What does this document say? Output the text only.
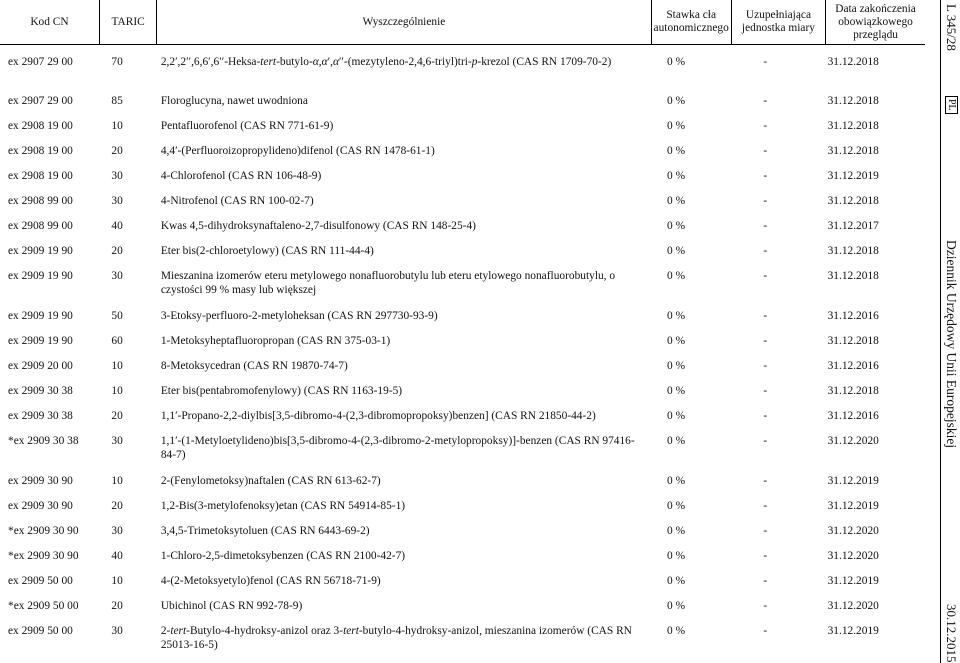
Kod CN	TARIC	Wyszczególnienie	Stawka cła autonomicznego	Uzupełniająca jednostka miary	Data zakończenia obowiązkowego przeglądu
ex 2907 29 00	70	2,2′,2′′,6,6′,6′′-Heksa-tert-butylo-α,α′,α′′-(mezytyleno-2,4,6-triyl)tri-p-krezol (CAS RN 1709-70-2)	0 %	-	31.12.2018
ex 2907 29 00	85	Floroglucyna, nawet uwodniona	0 %	-	31.12.2018
ex 2908 19 00	10	Pentafluorofenol (CAS RN 771-61-9)	0 %	-	31.12.2018
ex 2908 19 00	20	4,4′-(Perfluoroizopropylideno)difenol (CAS RN 1478-61-1)	0 %	-	31.12.2018
ex 2908 19 00	30	4-Chlorofenol (CAS RN 106-48-9)	0 %	-	31.12.2019
ex 2908 99 00	30	4-Nitrofenol (CAS RN 100-02-7)	0 %	-	31.12.2018
ex 2908 99 00	40	Kwas 4,5-dihydroksynaftaleno-2,7-disulfonowy (CAS RN 148-25-4)	0 %	-	31.12.2017
ex 2909 19 90	20	Eter bis(2-chloroetylowy) (CAS RN 111-44-4)	0 %	-	31.12.2018
ex 2909 19 90	30	Mieszanina izomerów eteru metylowego nonafluorobutylu lub eteru etylowego nonafluorobutylu, o czystości 99 % masy lub większej	0 %	-	31.12.2018
ex 2909 19 90	50	3-Etoksy-perfluoro-2-metyloheksan (CAS RN 297730-93-9)	0 %	-	31.12.2016
ex 2909 19 90	60	1-Metoksyheptafluoropropan (CAS RN 375-03-1)	0 %	-	31.12.2018
ex 2909 20 00	10	8-Metoksycedran (CAS RN 19870-74-7)	0 %	-	31.12.2016
ex 2909 30 38	10	Eter bis(pentabromofenylowy) (CAS RN 1163-19-5)	0 %	-	31.12.2018
ex 2909 30 38	20	1,1′-Propano-2,2-diylbis[3,5-dibromo-4-(2,3-dibromopropoksy)benzen] (CAS RN 21850-44-2)	0 %	-	31.12.2016
*ex 2909 30 38	30	1,1′-(1-Metyloetylideno)bis[3,5-dibromo-4-(2,3-dibromo-2-metylopropoksy)]-benzen (CAS RN 97416-84-7)	0 %	-	31.12.2020
ex 2909 30 90	10	2-(Fenylometoksy)naftalen (CAS RN 613-62-7)	0 %	-	31.12.2019
ex 2909 30 90	20	1,2-Bis(3-metylofenoksy)etan (CAS RN 54914-85-1)	0 %	-	31.12.2019
*ex 2909 30 90	30	3,4,5-Trimetoksytoluen (CAS RN 6443-69-2)	0 %	-	31.12.2020
*ex 2909 30 90	40	1-Chloro-2,5-dimetoksybenzen (CAS RN 2100-42-7)	0 %	-	31.12.2020
ex 2909 50 00	10	4-(2-Metoksyetylo)fenol (CAS RN 56718-71-9)	0 %	-	31.12.2019
*ex 2909 50 00	20	Ubichinol (CAS RN 992-78-9)	0 %	-	31.12.2020
ex 2909 50 00	30	2-tert-Butylo-4-hydroksy-anizol oraz 3-tert-butylo-4-hydroksy-anizol, mieszanina izomerów (CAS RN 25013-16-5)	0 %	-	31.12.2019
L 345/28
PL
Dziennik Urzędowy Unii Europejskiej
30.12.2015
